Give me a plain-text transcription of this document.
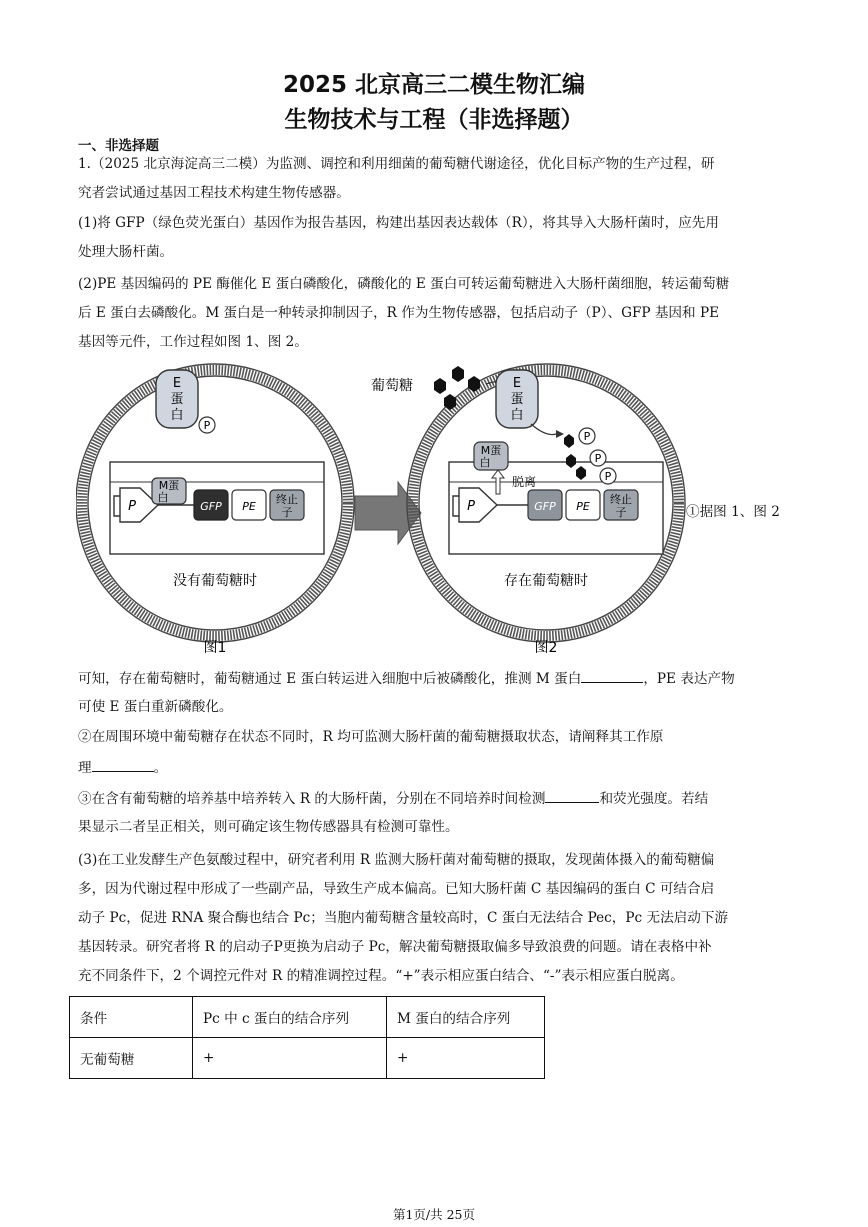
2025 北京高三二模生物汇编
生物技术与工程（非选择题）
一、非选择题
1.（2025 北京海淀高三二模）为监测、调控和利用细菌的葡萄糖代谢途径，优化目标产物的生产过程，研
究者尝试通过基因工程技术构建生物传感器。
(1)将 GFP（绿色荧光蛋白）基因作为报告基因，构建出基因表达载体（R），将其导入大肠杆菌时，应先用
处理大肠杆菌。
(2)PE 基因编码的 PE 酶催化 E 蛋白磷酸化，磷酸化的 E 蛋白可转运葡萄糖进入大肠杆菌细胞，转运葡萄糖
后 E 蛋白去磷酸化。M 蛋白是一种转录抑制因子，R 作为生物传感器，包括启动子（P）、GFP 基因和 PE
基因等元件，工作过程如图 1、图 2。
E
蛋
白
P
P
M蛋
白
GFP PE
终止
子
没有葡萄糖时
图1
葡萄糖	E
蛋
白
P
P
P
M蛋
白
脱离
P	GFP PE
终止
子
存在葡萄糖时
图2
①据图 1、图 2
可知，存在葡萄糖时，葡萄糖通过 E 蛋白转运进入细胞中后被磷酸化，推测 M 蛋白	，PE 表达产物
可使 E 蛋白重新磷酸化。
②在周围环境中葡萄糖存在状态不同时，R 均可监测大肠杆菌的葡萄糖摄取状态，请阐释其工作原
理	。
③在含有葡萄糖的培养基中培养转入 R 的大肠杆菌，分别在不同培养时间检测	和荧光强度。若结
果显示二者呈正相关，则可确定该生物传感器具有检测可靠性。
(3)在工业发酵生产色氨酸过程中，研究者利用 R 监测大肠杆菌对葡萄糖的摄取，发现菌体摄入的葡萄糖偏
多，因为代谢过程中形成了一些副产品，导致生产成本偏高。已知大肠杆菌 C 基因编码的蛋白 C 可结合启
动子 Pc，促进 RNA 聚合酶也结合 Pc；当胞内葡萄糖含量较高时，C 蛋白无法结合 Pec，Pc 无法启动下游
基因转录。研究者将 R 的启动子P更换为启动子 Pc，解决葡萄糖摄取偏多导致浪费的问题。请在表格中补
充不同条件下，2 个调控元件对 R 的精准调控过程。“+”表示相应蛋白结合、“-”表示相应蛋白脱离。
条件	Pc 中 c 蛋白的结合序列	M 蛋白的结合序列
无葡萄糖	+	+
第1页/共 25页
